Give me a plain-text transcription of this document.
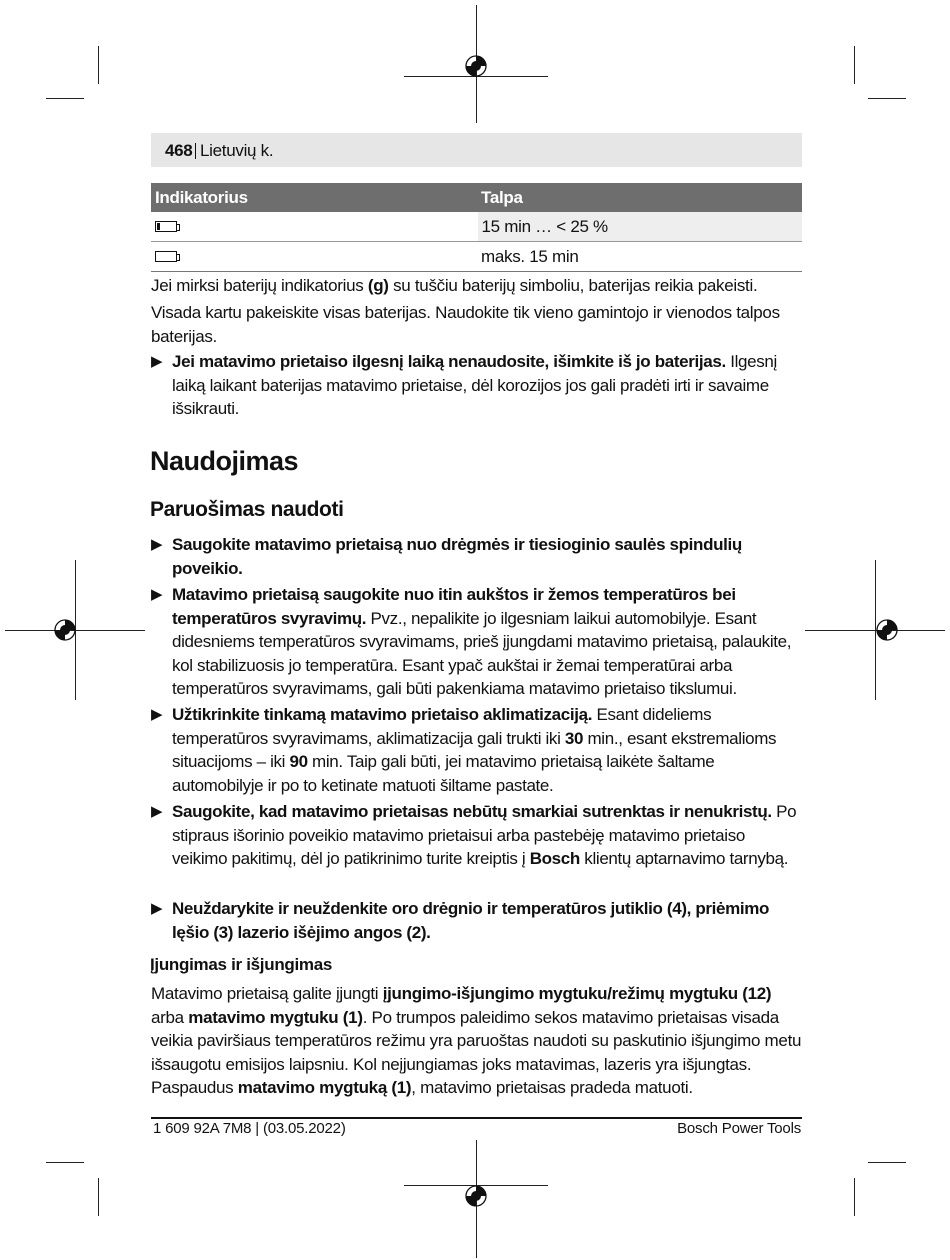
468 Lietuvių k.
Indikatorius	Talpa

	15 min … < 25 %
	maks. 15 min
Jei mirksi baterijų indikatorius (g) su tuščiu baterijų simboliu, baterijas reikia pakeisti.
Visada kartu pakeiskite visas baterijas. Naudokite tik vieno gamintojo ir vienodos talpos baterijas.
▶ Jei matavimo prietaiso ilgesnį laiką nenaudosite, išimkite iš jo baterijas. Ilgesnį laiką laikant baterijas matavimo prietaise, dėl korozijos jos gali pradėti irti ir savaime išsikrauti.
Naudojimas
Paruošimas naudoti
▶ Saugokite matavimo prietaisą nuo drėgmės ir tiesioginio saulės spindulių poveikio.
▶ Matavimo prietaisą saugokite nuo itin aukštos ir žemos temperatūros bei temperatūros svyravimų. Pvz., nepalikite jo ilgesniam laikui automobilyje. Esant didesniems temperatūros svyravimams, prieš įjungdami matavimo prietaisą, palaukite, kol stabilizuosis jo temperatūra. Esant ypač aukštai ir žemai temperatūrai arba temperatūros svyravimams, gali būti pakenkiama matavimo prietaiso tikslumui.
▶ Užtikrinkite tinkamą matavimo prietaiso aklimatizaciją. Esant dideliems temperatūros svyravimams, aklimatizacija gali trukti iki 30 min., esant ekstremalioms situacijoms – iki 90 min. Taip gali būti, jei matavimo prietaisą laikėte šaltame automobilyje ir po to ketinate matuoti šiltame pastate.
▶ Saugokite, kad matavimo prietaisas nebūtų smarkiai sutrenktas ir nenukristų. Po stipraus išorinio poveikio matavimo prietaisui arba pastebėję matavimo prietaiso veikimo pakitimų, dėl jo patikrinimo turite kreiptis į Bosch klientų aptarnavimo tarnybą.
▶ Neuždarykite ir neuždenkite oro drėgnio ir temperatūros jutiklio (4), priėmimo lęšio (3) lazerio išėjimo angos (2).
Įjungimas ir išjungimas
Matavimo prietaisą galite įjungti įjungimo-išjungimo mygtuku/režimų mygtuku (12) arba matavimo mygtuku (1). Po trumpos paleidimo sekos matavimo prietaisas visada veikia paviršiaus temperatūros režimu yra paruoštas naudoti su paskutinio išjungimo metu išsaugotu emisijos laipsniu. Kol neįjungiamas joks matavimas, lazeris yra išjungtas. Paspaudus matavimo mygtuką (1), matavimo prietaisas pradeda matuoti.
1 609 92A 7M8 | (03.05.2022)	Bosch Power Tools
